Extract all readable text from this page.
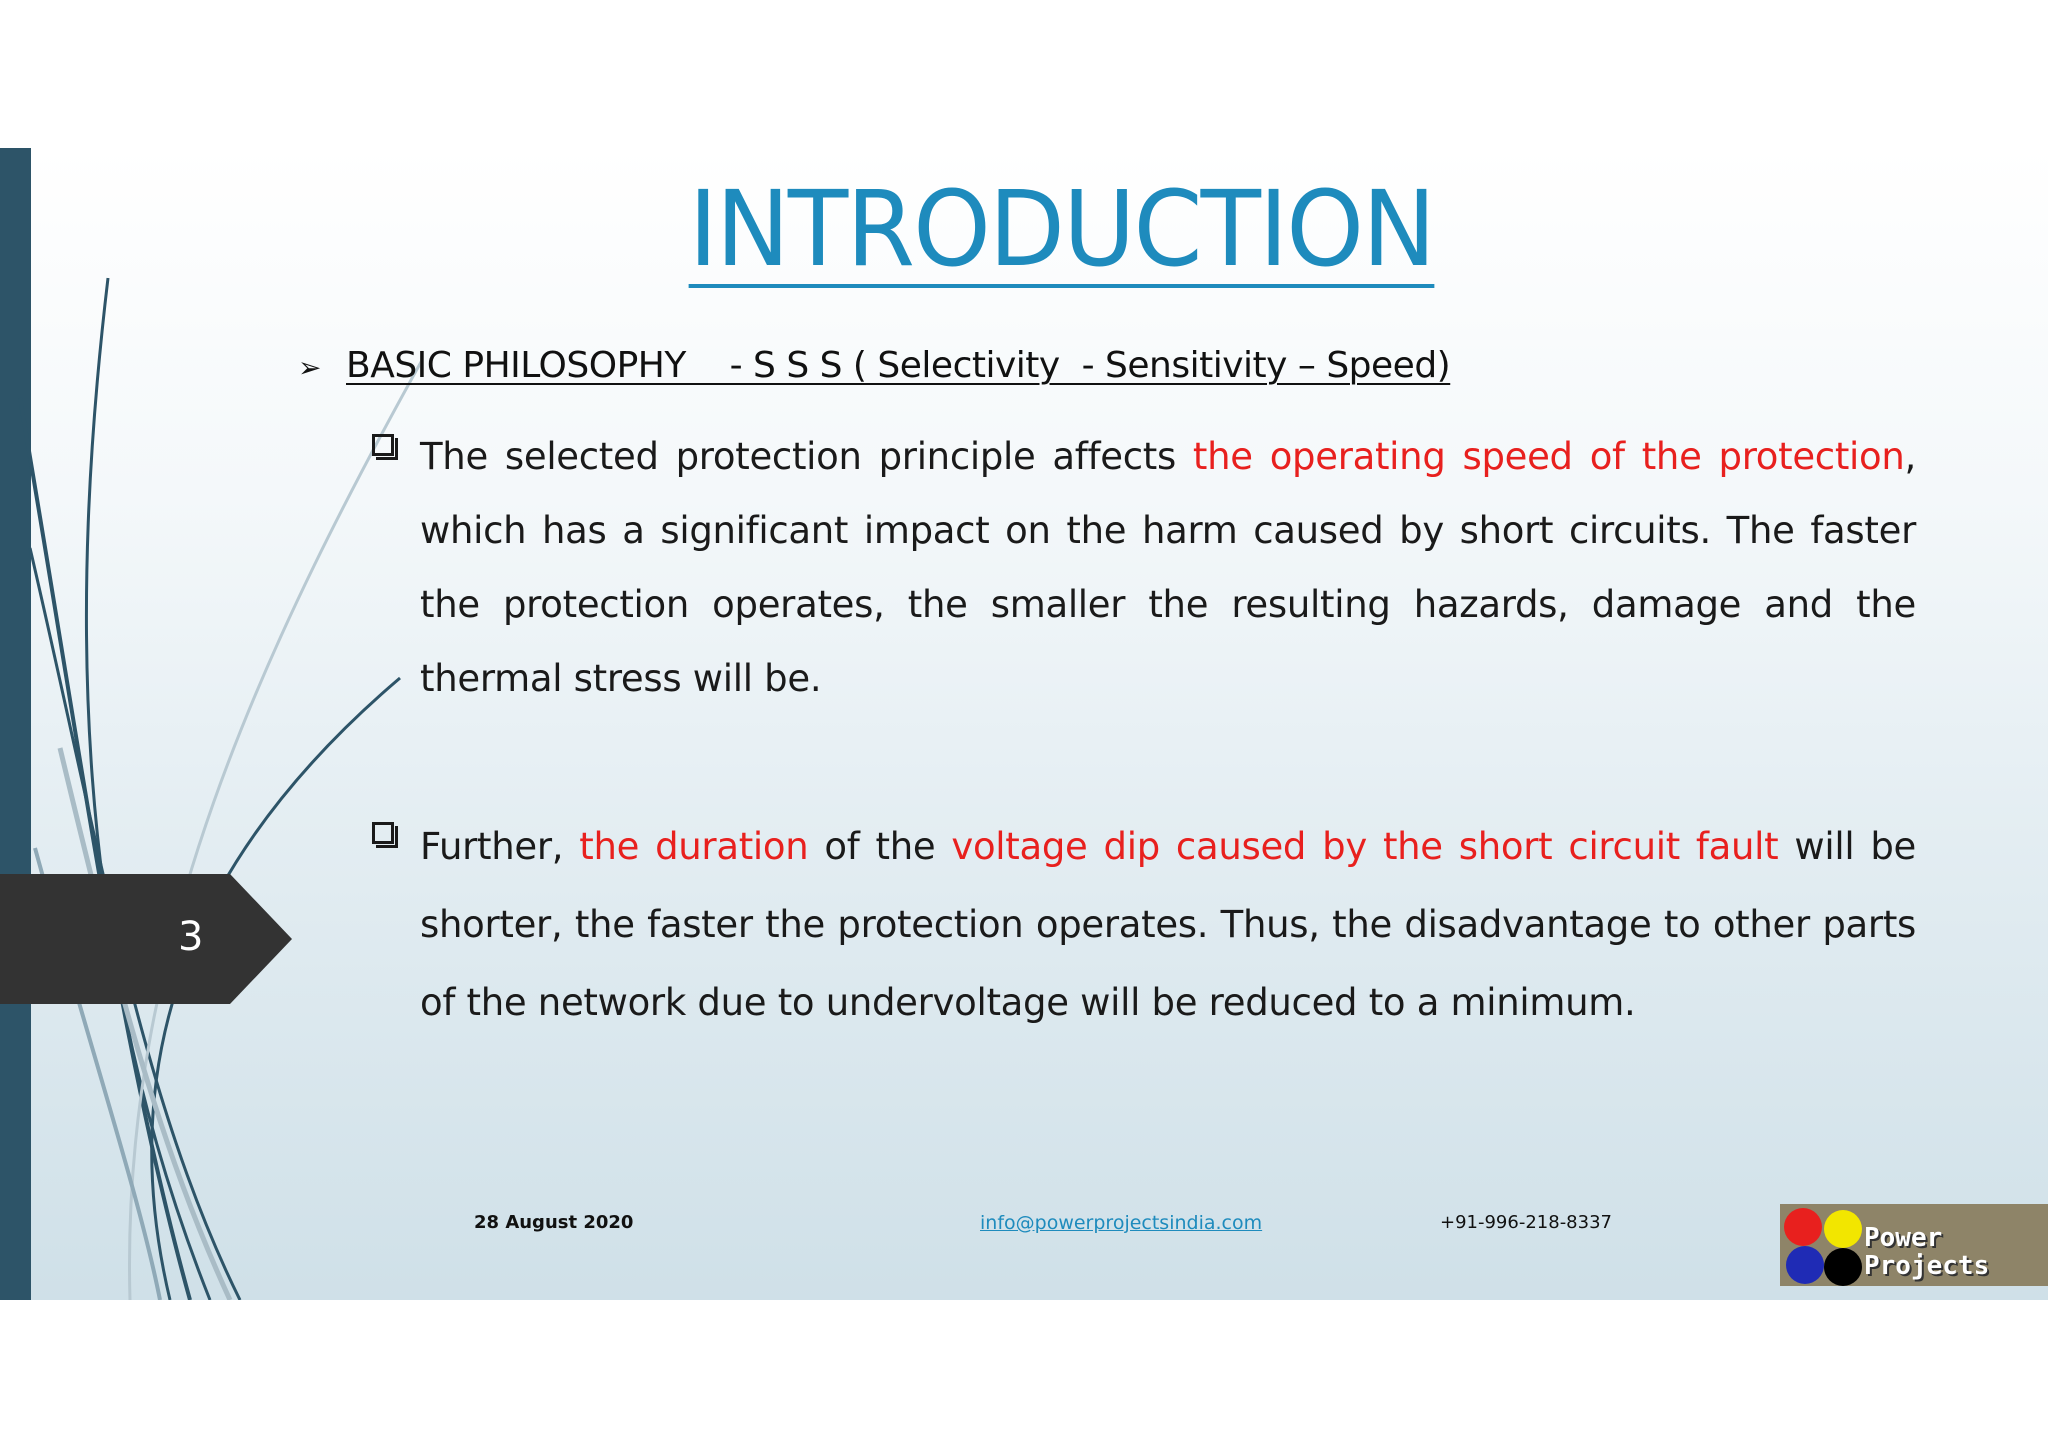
3
INTRODUCTION
➢ BASIC PHILOSOPHY    - S S S ( Selectivity  - Sensitivity – Speed)
The selected protection principle affects the operating speed of the protection, which has a significant impact on the harm caused by short circuits. The faster the protection operates, the smaller the resulting hazards, damage and the thermal stress will be.
Further, the duration of the voltage dip caused by the short circuit fault will be shorter, the faster the protection operates. Thus, the disadvantage to other parts of the network due to undervoltage will be reduced to a minimum.
28 August 2020	info@powerprojectsindia.com	+91-996-218-8337
Power
Projects
